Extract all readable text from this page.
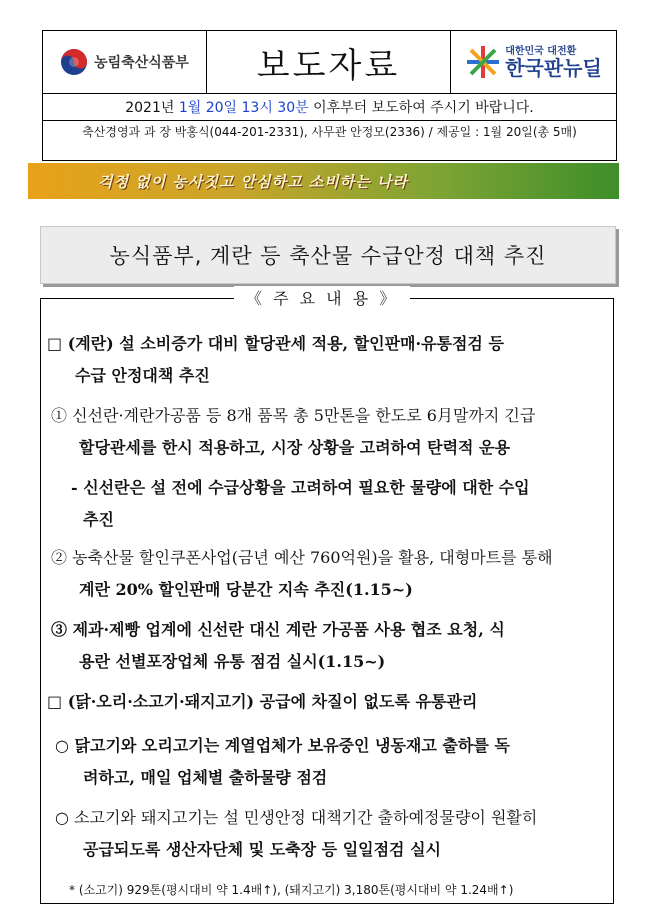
농림축산식품부	보도자료	대한민국 대전환
한국판뉴딜
2021년 1월 20일 13시 30분 이후부터 보도하여 주시기 바랍니다.
축산경영과 과 장 박홍식(044-201-2331), 사무관 안정모(2336) / 제공일 : 1월 20일(총 5매)
걱정 없이 농사짓고 안심하고 소비하는 나라
농식품부, 계란 등 축산물 수급안정 대책 추진
《 주 요 내 용 》
□ (계란) 설 소비증가 대비 할당관세 적용, 할인판매·유통점검 등
수급 안정대책 추진
① 신선란·계란가공품 등 8개 품목 총 5만톤을 한도로 6月말까지 긴급
할당관세를 한시 적용하고, 시장 상황을 고려하여 탄력적 운용
- 신선란은 설 전에 수급상황을 고려하여 필요한 물량에 대한 수입
추진
② 농축산물 할인쿠폰사업(금년 예산 760억원)을 활용, 대형마트를 통해
계란 20% 할인판매 당분간 지속 추진(1.15~)
③ 제과·제빵 업계에 신선란 대신 계란 가공품 사용 협조 요청, 식
용란 선별포장업체 유통 점검 실시(1.15~)
□ (닭·오리·소고기·돼지고기) 공급에 차질이 없도록 유통관리
○ 닭고기와 오리고기는 계열업체가 보유중인 냉동재고 출하를 독
려하고, 매일 업체별 출하물량 점검
○ 소고기와 돼지고기는 설 민생안정 대책기간 출하예정물량이 원활히
공급되도록 생산자단체 및 도축장 등 일일점검 실시
* (소고기) 929톤(평시대비 약 1.4배↑), (돼지고기) 3,180톤(평시대비 약 1.24배↑)
